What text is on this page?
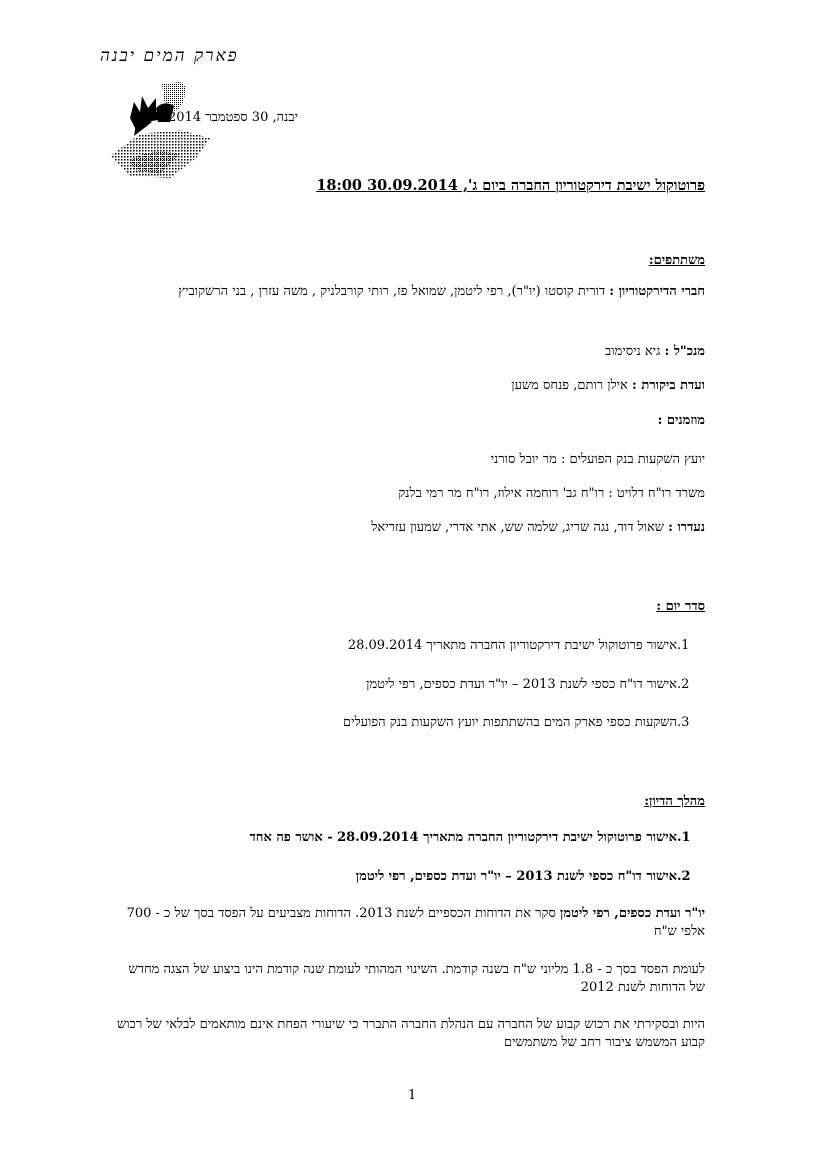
פארק המים יבנה
יבנה, 30 ספטמבר 2014
פרוטוקול ישיבת דירקטוריון החברה ביום ג', 30.09.2014 18:00
משתתפים:
חברי הדירקטוריון : דורית קוסטו (יו"ר), רפי ליטמן, שמואל פז, רותי קורבלניק , משה עזרן , בני הרשקוביץ
מנכ"ל : גיא ניסימוב
ועדת ביקורת : אילן רותם, פנחס משען
מוזמנים :
יועץ השקעות בנק הפועלים : מר יובל סורני
משרד רו"ח דלויט : רו"ח גב' רוחמה אילוז, רו"ח מר רמי בלנק
נעדרו : שאול דוד, נגה שריג, שלמה שש, אתי אדרי, שמעון עזריאל
סדר יום :
1.אישור פרוטוקול ישיבת דירקטוריון החברה מתאריך 28.09.2014
2.אישור דו"ח כספי לשנת 2013 – יו"ר ועדת כספים, רפי ליטמן
3.השקעות כספי פארק המים בהשתתפות יועץ השקעות בנק הפועלים
מהלך הדיון:
1.אישור פרוטוקול ישיבת דירקטוריון החברה מתאריך 28.09.2014 - אושר פה אחד
2.אישור דו"ח כספי לשנת 2013 – יו"ר ועדת כספים, רפי ליטמן
יו"ר ועדת כספים, רפי ליטמן סקר את הדוחות הכספיים לשנת 2013. הדוחות מצביעים על הפסד בסך של כ - 700 אלפי ש"ח
לעומת הפסד בסך כ - 1.8 מליוני ש"ח בשנה קודמת. השינוי המהותי לעומת שנה קודמת הינו ביצוע של הצגה מחדש של הדוחות לשנת 2012
היות ובסקירתי את רכוש קבוע של החברה עם הנהלת החברה התברר כי שיעורי הפחת אינם מותאמים לבלאי של רכוש קבוע המשמש ציבור רחב של משתמשים
1
